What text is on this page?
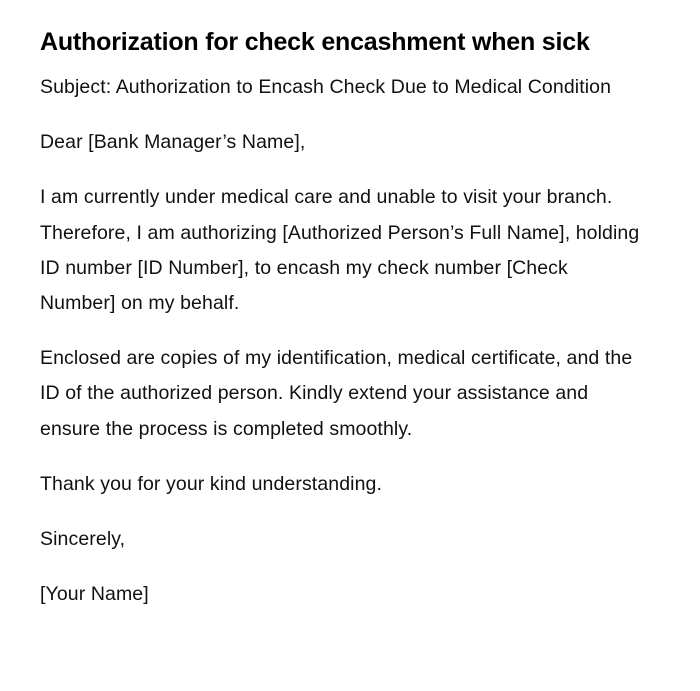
Authorization for check encashment when sick

Subject: Authorization to Encash Check Due to Medical Condition

Dear [Bank Manager’s Name],

I am currently under medical care and unable to visit your branch. Therefore, I am authorizing [Authorized Person’s Full Name], holding ID number [ID Number], to encash my check number [Check Number] on my behalf.

Enclosed are copies of my identification, medical certificate, and the ID of the authorized person. Kindly extend your assistance and ensure the process is completed smoothly.

Thank you for your kind understanding.

Sincerely,

[Your Name]
